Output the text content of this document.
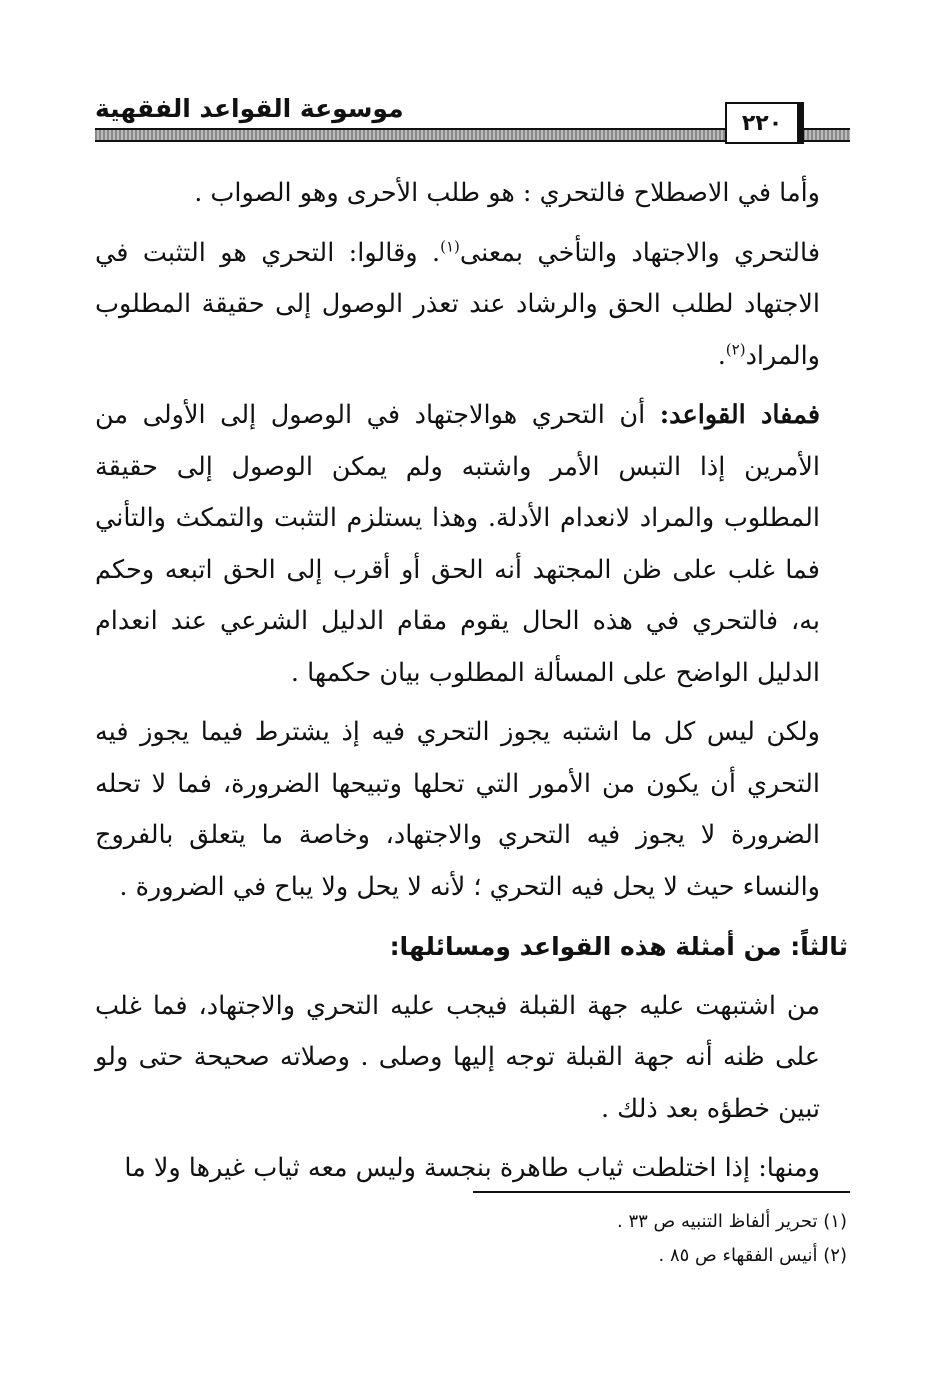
موسوعة القواعد الفقهية	٢٢٠

وأما في الاصطلاح فالتحري : هو طلب الأحرى وهو الصواب .

فالتحري والاجتهاد والتأخي بمعنى$^{(١)}$. وقالوا: التحري هو التثبت في الاجتهاد لطلب الحق والرشاد عند تعذر الوصول إلى حقيقة المطلوب والمراد$^{(٢)}$.

فمفاد القواعد: أن التحري هوالاجتهاد في الوصول إلى الأولى من الأمرين إذا التبس الأمر واشتبه ولم يمكن الوصول إلى حقيقة المطلوب والمراد لانعدام الأدلة. وهذا يستلزم التثبت والتمكث والتأني فما غلب على ظن المجتهد أنه الحق أو أقرب إلى الحق اتبعه وحكم به، فالتحري في هذه الحال يقوم مقام الدليل الشرعي عند انعدام الدليل الواضح على المسألة المطلوب بيان حكمها .

ولكن ليس كل ما اشتبه يجوز التحري فيه إذ يشترط فيما يجوز فيه التحري أن يكون من الأمور التي تحلها وتبيحها الضرورة، فما لا تحله الضرورة لا يجوز فيه التحري والاجتهاد، وخاصة ما يتعلق بالفروج والنساء حيث لا يحل فيه التحري ؛ لأنه لا يحل ولا يباح في الضرورة .

ثالثاً: من أمثلة هذه القواعد ومسائلها:

من اشتبهت عليه جهة القبلة فيجب عليه التحري والاجتهاد، فما غلب على ظنه أنه جهة القبلة توجه إليها وصلى . وصلاته صحيحة حتى ولو تبين خطؤه بعد ذلك .

ومنها: إذا اختلطت ثياب طاهرة بنجسة وليس معه ثياب غيرها ولا ما

(١) تحرير ألفاظ التنبيه ص ٣٣ .
(٢) أنيس الفقهاء ص ٨٥ .
